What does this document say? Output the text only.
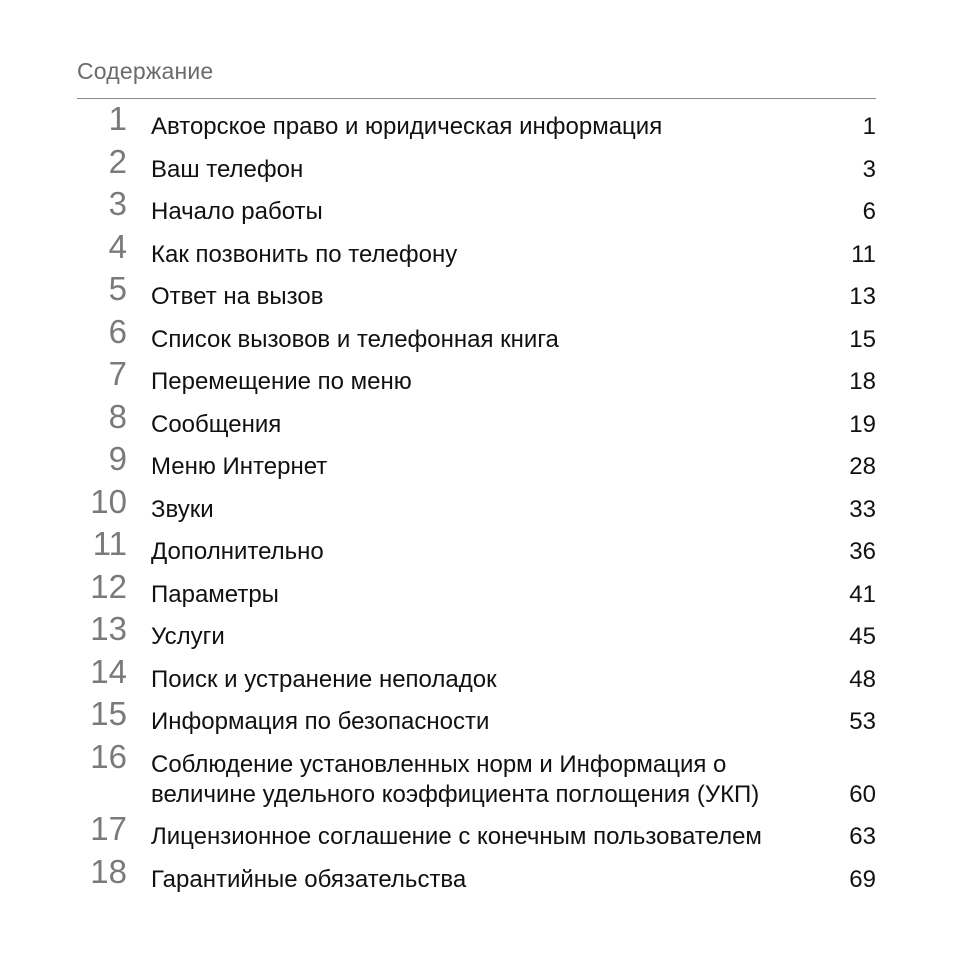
Содержание
1 Авторское право и юридическая информация	1
2 Ваш телефон	3
3 Начало работы	6
4 Как позвонить по телефону	11
5 Ответ на вызов	13
6 Список вызовов и телефонная книга	15
7 Перемещение по меню	18
8 Сообщения	19
9 Меню Интернет	28
10 Звуки	33
11 Дополнительно	36
12 Параметры	41
13 Услуги	45
14 Поиск и устранение неполадок	48
15 Информация по безопасности	53
16 Соблюдение установленных норм и Информация о величине удельного коэффициента поглощения (УКП)	60
17 Лицензионное соглашение с конечным пользователем	63
18 Гарантийные обязательства	69
